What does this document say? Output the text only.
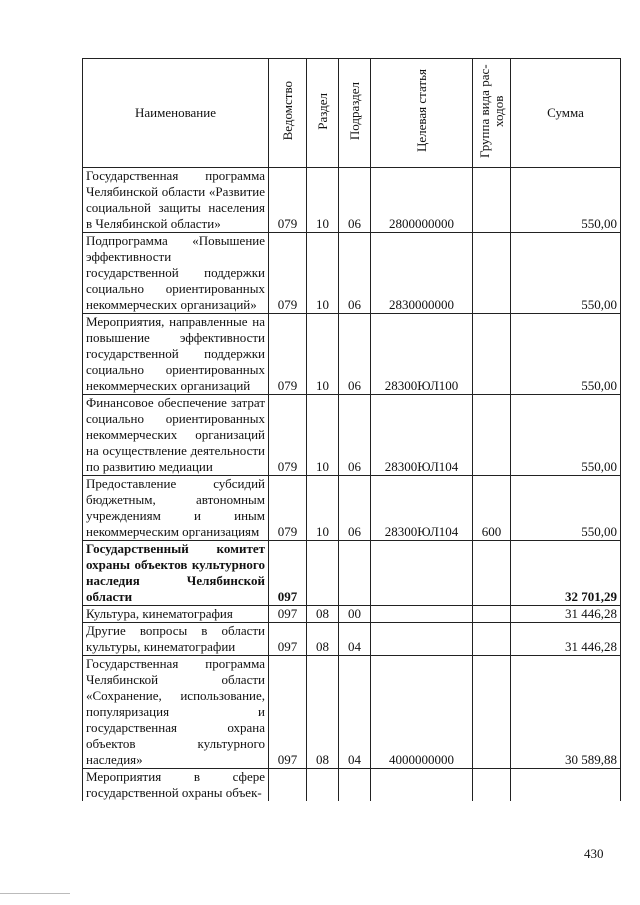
Наименование	Ведомство	Раздел	Подраздел	Целевая статья	Группа вида рас-ходов	Сумма
Государственная программа Челябинской области «Развитие социальной защиты населения в Челябинской области»	079	10	06	2800000000		550,00
Подпрограмма «Повышение эффективности государственной поддержки социально ориентированных некоммерческих организаций»	079	10	06	2830000000		550,00
Мероприятия, направленные на повышение эффективности государственной поддержки социально ориентированных некоммерческих организаций	079	10	06	28300ЮЛ100		550,00
Финансовое обеспечение затрат социально ориентированных некоммерческих организаций на осуществление деятельности по развитию медиации	079	10	06	28300ЮЛ104		550,00
Предоставление субсидий бюджетным, автономным учреждениям и иным некоммерческим организациям	079	10	06	28300ЮЛ104	600	550,00
Государственный комитет охраны объектов культурного наследия Челябинской области	097					32 701,29
Культура, кинематография	097	08	00			31 446,28
Другие вопросы в области культуры, кинематографии	097	08	04			31 446,28
Государственная программа Челябинской области «Сохранение, использование, популяризация и государственная охрана объектов культурного наследия»	097	08	04	4000000000		30 589,88
Мероприятия в сфере государственной охраны объек-						
430
